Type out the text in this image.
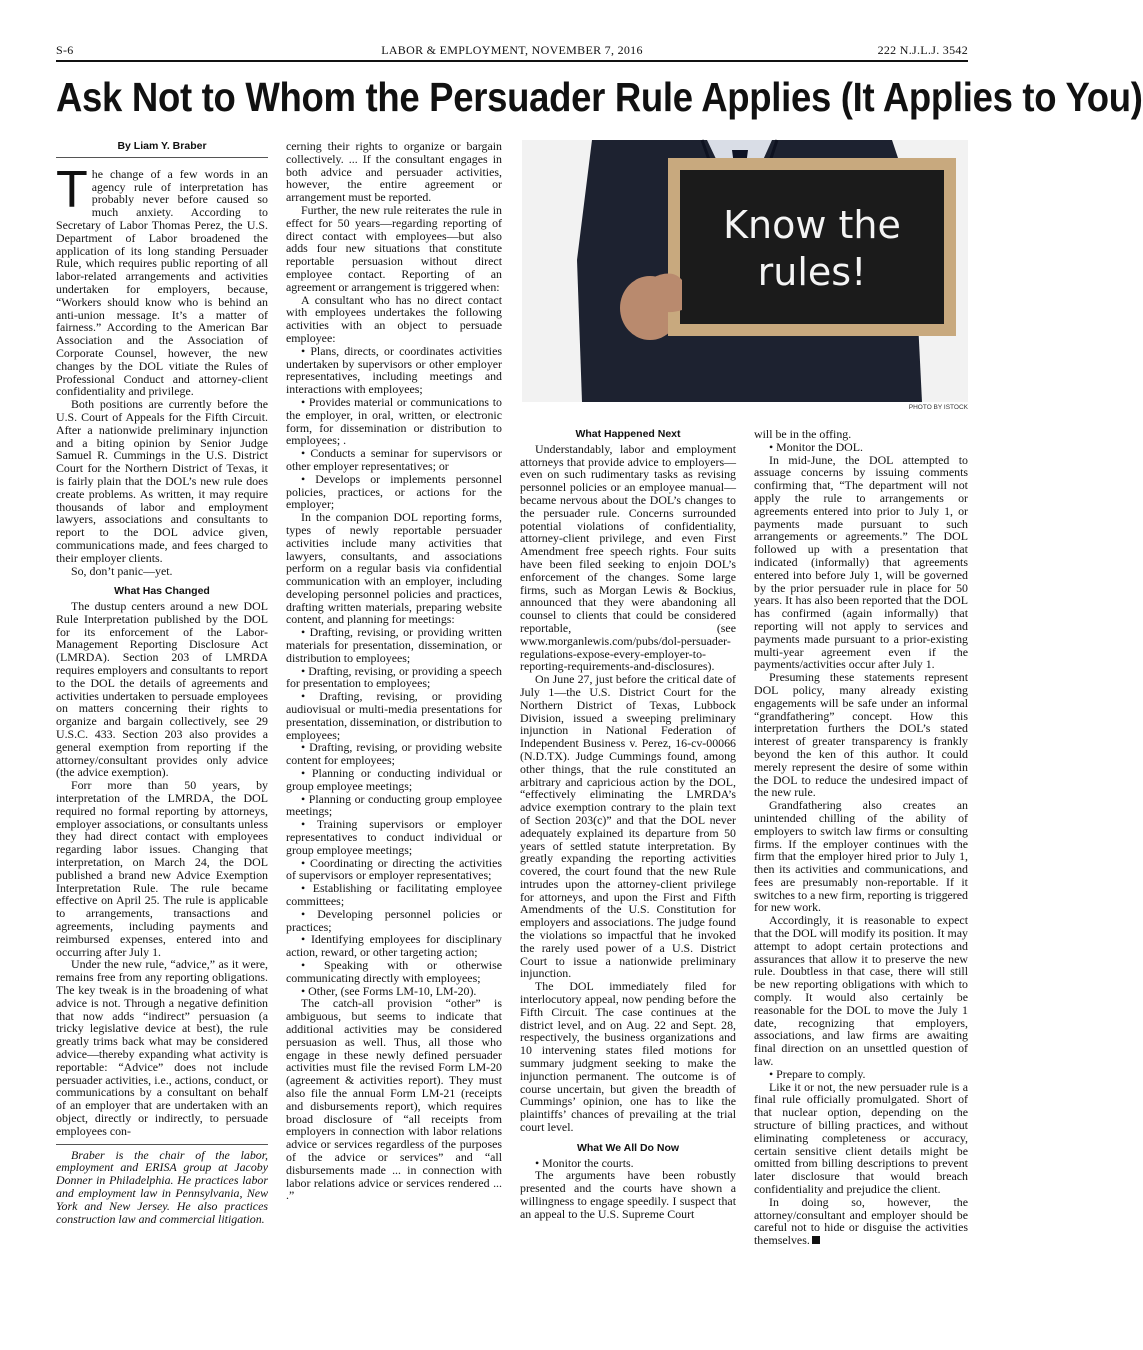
S-6	LABOR & EMPLOYMENT, NOVEMBER 7, 2016	222 N.J.L.J. 3542
Ask Not to Whom the Persuader Rule Applies (It Applies to You)
By Liam Y. Braber

The change of a few words in an agency rule of interpretation has probably never before caused so much anxiety. According to Secretary of Labor Thomas Perez, the U.S. Department of Labor broadened the application of its long standing Persuader Rule, which requires public reporting of all labor-related arrangements and activities undertaken for employers, because, “Workers should know who is behind an anti-union message. It’s a matter of fairness.” According to the American Bar Association and the Association of Corporate Counsel, however, the new changes by the DOL vitiate the Rules of Professional Conduct and attorney-client confidentiality and privilege.

Both positions are currently before the U.S. Court of Appeals for the Fifth Circuit. After a nationwide preliminary injunction and a biting opinion by Senior Judge Samuel R. Cummings in the U.S. District Court for the Northern District of Texas, it is fairly plain that the DOL’s new rule does create problems. As written, it may require thousands of labor and employment lawyers, associations and consultants to report to the DOL advice given, communications made, and fees charged to their employer clients.

So, don’t panic—yet.

What Has Changed

The dustup centers around a new DOL Rule Interpretation published by the DOL for its enforcement of the Labor-Management Reporting Disclosure Act (LMRDA). Section 203 of LMRDA requires employers and consultants to report to the DOL the details of agreements and activities undertaken to persuade employees on matters concerning their rights to organize and bargain collectively, see 29 U.S.C. 433. Section 203 also provides a general exemption from reporting if the attorney/consultant provides only advice (the advice exemption).

Forr more than 50 years, by interpretation of the LMRDA, the DOL required no formal reporting by attorneys, employer associations, or consultants unless they had direct contact with employees regarding labor issues. Changing that interpretation, on March 24, the DOL published a brand new Advice Exemption Interpretation Rule. The rule became effective on April 25. The rule is applicable to arrangements, transactions and agreements, including payments and reimbursed expenses, entered into and occurring after July 1.

Under the new rule, “advice,” as it were, remains free from any reporting obligations. The key tweak is in the broadening of what advice is not. Through a negative definition that now adds “indirect” persuasion (a tricky legislative device at best), the rule greatly trims back what may be considered advice—thereby expanding what activity is reportable: “Advice” does not include persuader activities, i.e., actions, conduct, or communications by a consultant on behalf of an employer that are undertaken with an object, directly or indirectly, to persuade employees con-

Braber is the chair of the labor, employment and ERISA group at Jacoby Donner in Philadelphia. He practices labor and employment law in Pennsylvania, New York and New Jersey. He also practices construction law and commercial litigation.

cerning their rights to organize or bargain collectively. ... If the consultant engages in both advice and persuader activities, however, the entire agreement or arrangement must be reported.

Further, the new rule reiterates the rule in effect for 50 years—regarding reporting of direct contact with employees—but also adds four new situations that constitute reportable persuasion without direct employee contact. Reporting of an agreement or arrangement is triggered when:

A consultant who has no direct contact with employees undertakes the following activities with an object to persuade employee:

• Plans, directs, or coordinates activities undertaken by supervisors or other employer representatives, including meetings and interactions with employees;

• Provides material or communications to the employer, in oral, written, or electronic form, for dissemination or distribution to employees; .

• Conducts a seminar for supervisors or other employer representatives; or

• Develops or implements personnel policies, practices, or actions for the employer;

In the companion DOL reporting forms, types of newly reportable persuader activities include many activities that lawyers, consultants, and associations perform on a regular basis via confidential communication with an employer, including developing personnel policies and practices, drafting written materials, preparing website content, and planning for meetings:

• Drafting, revising, or providing written materials for presentation, dissemination, or distribution to employees;

• Drafting, revising, or providing a speech for presentation to employees;

• Drafting, revising, or providing audiovisual or multi-media presentations for presentation, dissemination, or distribution to employees;

• Drafting, revising, or providing website content for employees;

• Planning or conducting individual or group employee meetings;

• Planning or conducting group employee meetings;

• Training supervisors or employer representatives to conduct individual or group employee meetings;

• Coordinating or directing the activities of supervisors or employer representatives;

• Establishing or facilitating employee committees;

• Developing personnel policies or practices;

• Identifying employees for disciplinary action, reward, or other targeting action;

• Speaking with or otherwise communicating directly with employees;

• Other, (see Forms LM-10, LM-20).

The catch-all provision “other” is ambiguous, but seems to indicate that additional activities may be considered persuasion as well. Thus, all those who engage in these newly defined persuader activities must file the revised Form LM-20 (agreement & activities report). They must also file the annual Form LM-21 (receipts and disbursements report), which requires broad disclosure of “all receipts from employers in connection with labor relations advice or services regardless of the purposes of the advice or services” and “all disbursements made ... in connection with labor relations advice or services rendered ... .”

Know the
rules!
PHOTO BY ISTOCK
What Happened Next

Understandably, labor and employment attorneys that provide advice to employers—even on such rudimentary tasks as revising personnel policies or an employee manual—became nervous about the DOL’s changes to the persuader rule. Concerns surrounded potential violations of confidentiality, attorney-client privilege, and even First Amendment free speech rights. Four suits have been filed seeking to enjoin DOL’s enforcement of the changes. Some large firms, such as Morgan Lewis & Bockius, announced that they were abandoning all counsel to clients that could be considered reportable, (see www.morganlewis.com/pubs/dol-persuader-regulations-expose-every-employer-to-reporting-requirements-and-disclosures).

On June 27, just before the critical date of July 1—the U.S. District Court for the Northern District of Texas, Lubbock Division, issued a sweeping preliminary injunction in National Federation of Independent Business v. Perez, 16-cv-00066 (N.D.TX). Judge Cummings found, among other things, that the rule constituted an arbitrary and capricious action by the DOL, “effectively eliminating the LMRDA’s advice exemption contrary to the plain text of Section 203(c)” and that the DOL never adequately explained its departure from 50 years of settled statute interpretation. By greatly expanding the reporting activities covered, the court found that the new Rule intrudes upon the attorney-client privilege for attorneys, and upon the First and Fifth Amendments of the U.S. Constitution for employers and associations. The judge found the violations so impactful that he invoked the rarely used power of a U.S. District Court to issue a nationwide preliminary injunction.

The DOL immediately filed for interlocutory appeal, now pending before the Fifth Circuit. The case continues at the district level, and on Aug. 22 and Sept. 28, respectively, the business organizations and 10 intervening states filed motions for summary judgment seeking to make the injunction permanent. The outcome is of course uncertain, but given the breadth of Cummings’ opinion, one has to like the plaintiffs’ chances of prevailing at the trial court level.

What We All Do Now

• Monitor the courts.

The arguments have been robustly presented and the courts have shown a willingness to engage speedily. I suspect that an appeal to the U.S. Supreme Court

will be in the offing.

• Monitor the DOL.

In mid-June, the DOL attempted to assuage concerns by issuing comments confirming that, “The department will not apply the rule to arrangements or agreements entered into prior to July 1, or payments made pursuant to such arrangements or agreements.” The DOL followed up with a presentation that indicated (informally) that agreements entered into before July 1, will be governed by the prior persuader rule in place for 50 years. It has also been reported that the DOL has confirmed (again informally) that reporting will not apply to services and payments made pursuant to a prior-existing multi-year agreement even if the payments/activities occur after July 1.

Presuming these statements represent DOL policy, many already existing engagements will be safe under an informal “grandfathering” concept. How this interpretation furthers the DOL’s stated interest of greater transparency is frankly beyond the ken of this author. It could merely represent the desire of some within the DOL to reduce the undesired impact of the new rule.

Grandfathering also creates an unintended chilling of the ability of employers to switch law firms or consulting firms. If the employer continues with the firm that the employer hired prior to July 1, then its activities and communications, and fees are presumably non-reportable. If it switches to a new firm, reporting is triggered for new work.

Accordingly, it is reasonable to expect that the DOL will modify its position. It may attempt to adopt certain protections and assurances that allow it to preserve the new rule. Doubtless in that case, there will still be new reporting obligations with which to comply. It would also certainly be reasonable for the DOL to move the July 1 date, recognizing that employers, associations, and law firms are awaiting final direction on an unsettled question of law.

• Prepare to comply.

Like it or not, the new persuader rule is a final rule officially promulgated. Short of that nuclear option, depending on the structure of billing practices, and without eliminating completeness or accuracy, certain sensitive client details might be omitted from billing descriptions to prevent later disclosure that would breach confidentiality and prejudice the client.

In doing so, however, the attorney/consultant and employer should be careful not to hide or disguise the activities themselves.
